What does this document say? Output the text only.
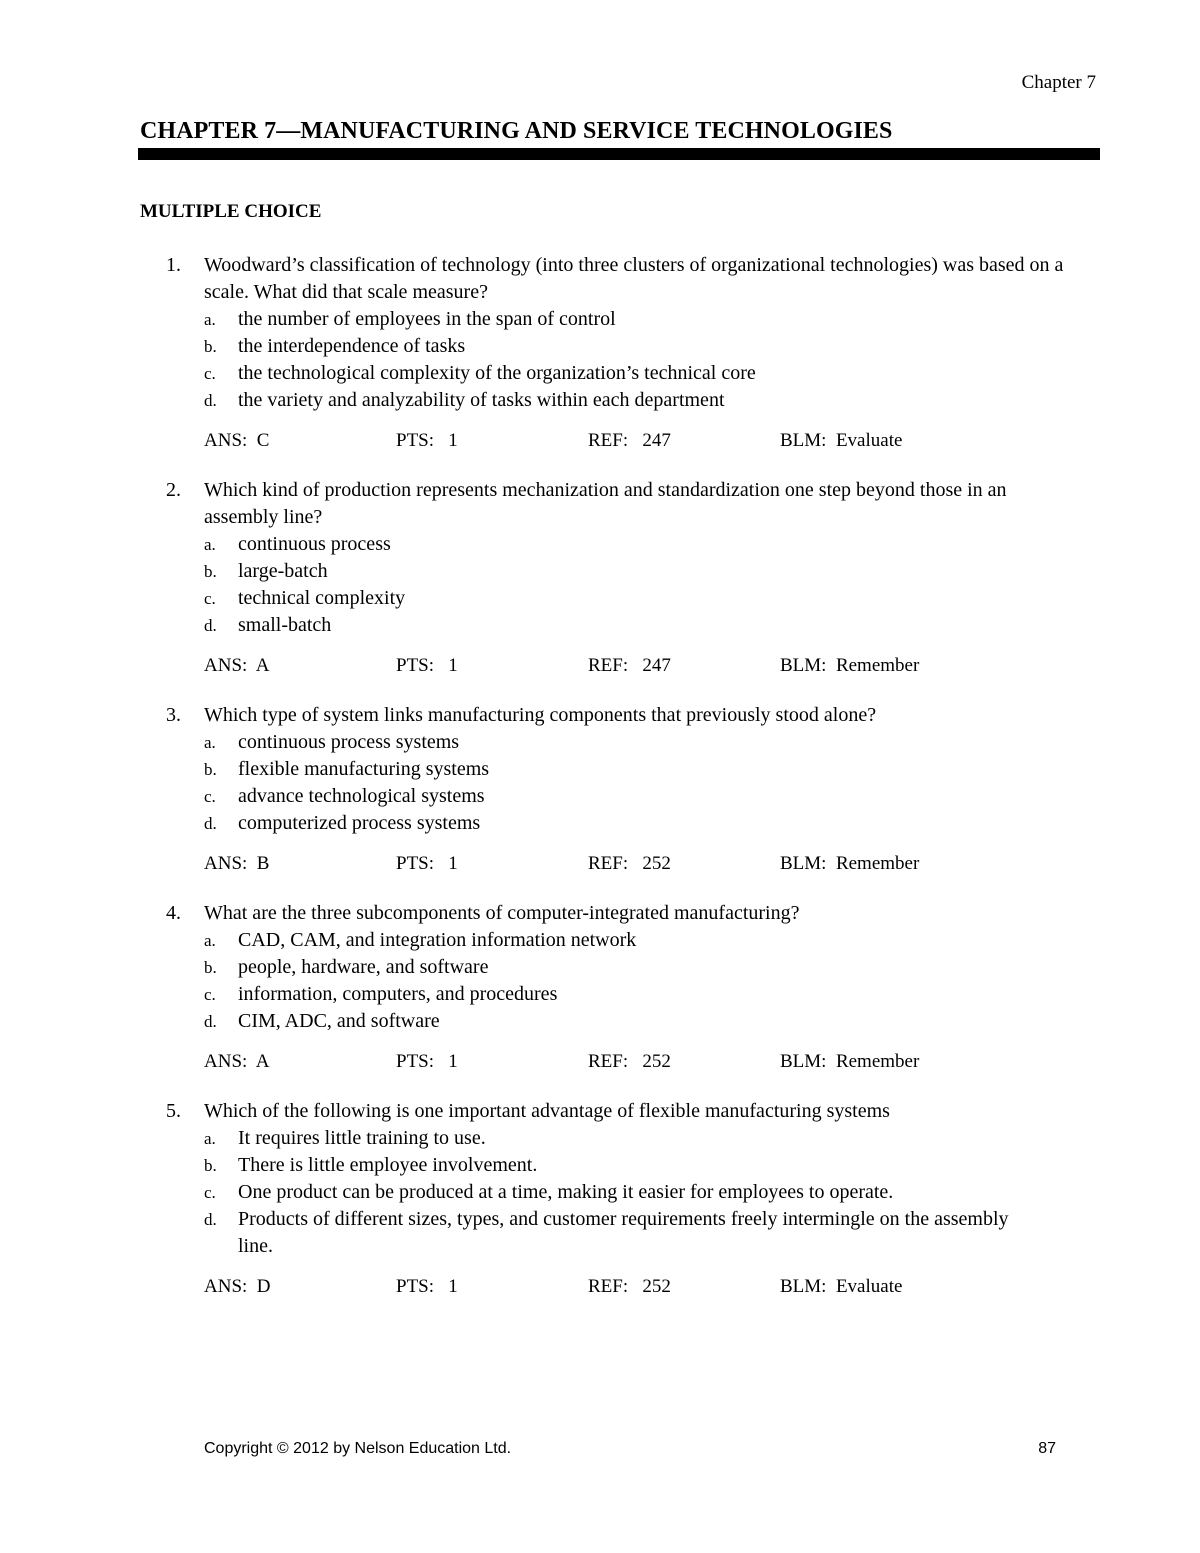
Chapter 7
CHAPTER 7—MANUFACTURING AND SERVICE TECHNOLOGIES
MULTIPLE CHOICE
1.	Woodward’s classification of technology (into three clusters of organizational technologies) was based on a scale. What did that scale measure?
a. the number of employees in the span of control
b. the interdependence of tasks
c. the technological complexity of the organization’s technical core
d. the variety and analyzability of tasks within each department
ANS:  C	PTS:   1	REF:   247	BLM:  Evaluate
2.	Which kind of production represents mechanization and standardization one step beyond those in an assembly line?
a. continuous process
b. large-batch
c. technical complexity
d. small-batch
ANS:  A	PTS:   1	REF:   247	BLM:  Remember
3.	Which type of system links manufacturing components that previously stood alone?
a. continuous process systems
b. flexible manufacturing systems
c. advance technological systems
d. computerized process systems
ANS:  B	PTS:   1	REF:   252	BLM:  Remember
4.	What are the three subcomponents of computer-integrated manufacturing?
a. CAD, CAM, and integration information network
b. people, hardware, and software
c. information, computers, and procedures
d. CIM, ADC, and software
ANS:  A	PTS:   1	REF:   252	BLM:  Remember
5.	Which of the following is one important advantage of flexible manufacturing systems
a. It requires little training to use.
b. There is little employee involvement.
c. One product can be produced at a time, making it easier for employees to operate.
d. Products of different sizes, types, and customer requirements freely intermingle on the assembly line.
ANS:  D	PTS:   1	REF:   252	BLM:  Evaluate
Copyright © 2012 by Nelson Education Ltd.	87
